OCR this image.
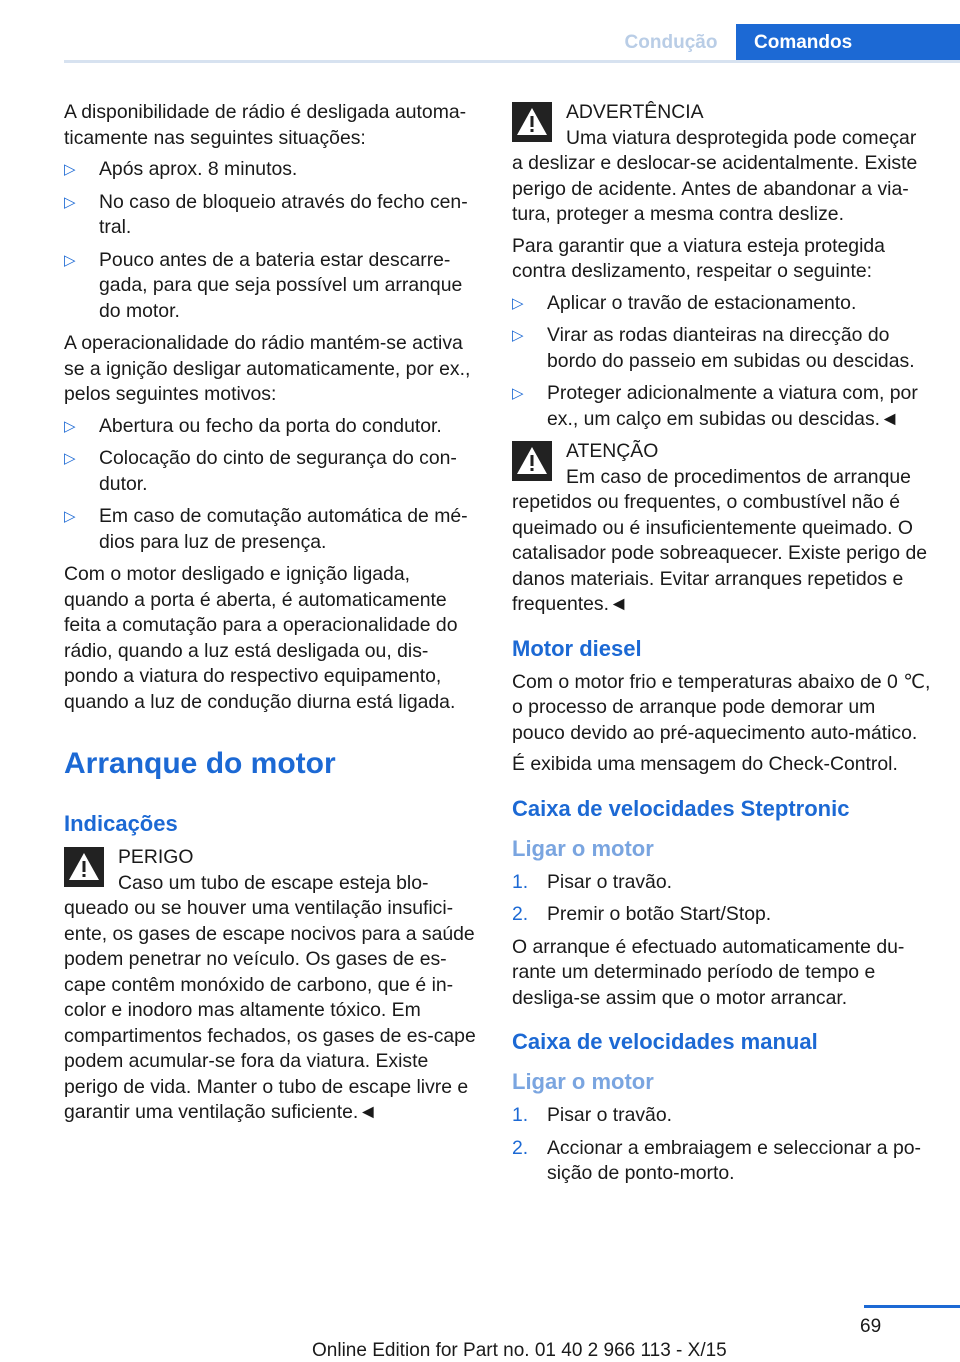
Condução	Comandos

A disponibilidade de rádio é desligada automa-ticamente nas seguintes situações:

▷	Após aprox. 8 minutos.
▷	No caso de bloqueio através do fecho cen-tral.
▷	Pouco antes de a bateria estar descarre-gada, para que seja possível um arranque do motor.

A operacionalidade do rádio mantém-se activa se a ignição desligar automaticamente, por ex., pelos seguintes motivos:

▷	Abertura ou fecho da porta do condutor.
▷	Colocação do cinto de segurança do con-dutor.
▷	Em caso de comutação automática de mé-dios para luz de presença.

Com o motor desligado e ignição ligada, quando a porta é aberta, é automaticamente feita a comutação para a operacionalidade do rádio, quando a luz está desligada ou, dis-pondo a viatura do respectivo equipamento, quando a luz de condução diurna está ligada.

Arranque do motor
Indicações
PERIGO
Caso um tubo de escape esteja blo-queado ou se houver uma ventilação insufici-ente, os gases de escape nocivos para a saúde podem penetrar no veículo. Os gases de es-cape contêm monóxido de carbono, que é in-color e inodoro mas altamente tóxico. Em compartimentos fechados, os gases de es-cape podem acumular-se fora da viatura. Existe perigo de vida. Manter o tubo de escape livre e garantir uma ventilação suficiente.◄
ADVERTÊNCIA
Uma viatura desprotegida pode começar a deslizar e deslocar-se acidentalmente. Existe perigo de acidente. Antes de abandonar a via-tura, proteger a mesma contra deslize.

Para garantir que a viatura esteja protegida contra deslizamento, respeitar o seguinte:

▷	Aplicar o travão de estacionamento.
▷	Virar as rodas dianteiras na direcção do bordo do passeio em subidas ou descidas.
▷	Proteger adicionalmente a viatura com, por ex., um calço em subidas ou descidas.◄
ATENÇÃO
Em caso de procedimentos de arranque repetidos ou frequentes, o combustível não é queimado ou é insuficientemente queimado. O catalisador pode sobreaquecer. Existe perigo de danos materiais. Evitar arranques repetidos e frequentes.◄
Motor diesel

Com o motor frio e temperaturas abaixo de 0 ℃, o processo de arranque pode demorar um pouco devido ao pré-aquecimento auto-mático.

É exibida uma mensagem do Check-Control.

Caixa de velocidades Steptronic
Ligar o motor
1. Pisar o travão.
2. Premir o botão Start/Stop.

O arranque é efectuado automaticamente du-rante um determinado período de tempo e desliga-se assim que o motor arrancar.

Caixa de velocidades manual
Ligar o motor
1. Pisar o travão.
2. Accionar a embraiagem e seleccionar a po-sição de ponto-morto.
69
Online Edition for Part no. 01 40 2 966 113 - X/15
